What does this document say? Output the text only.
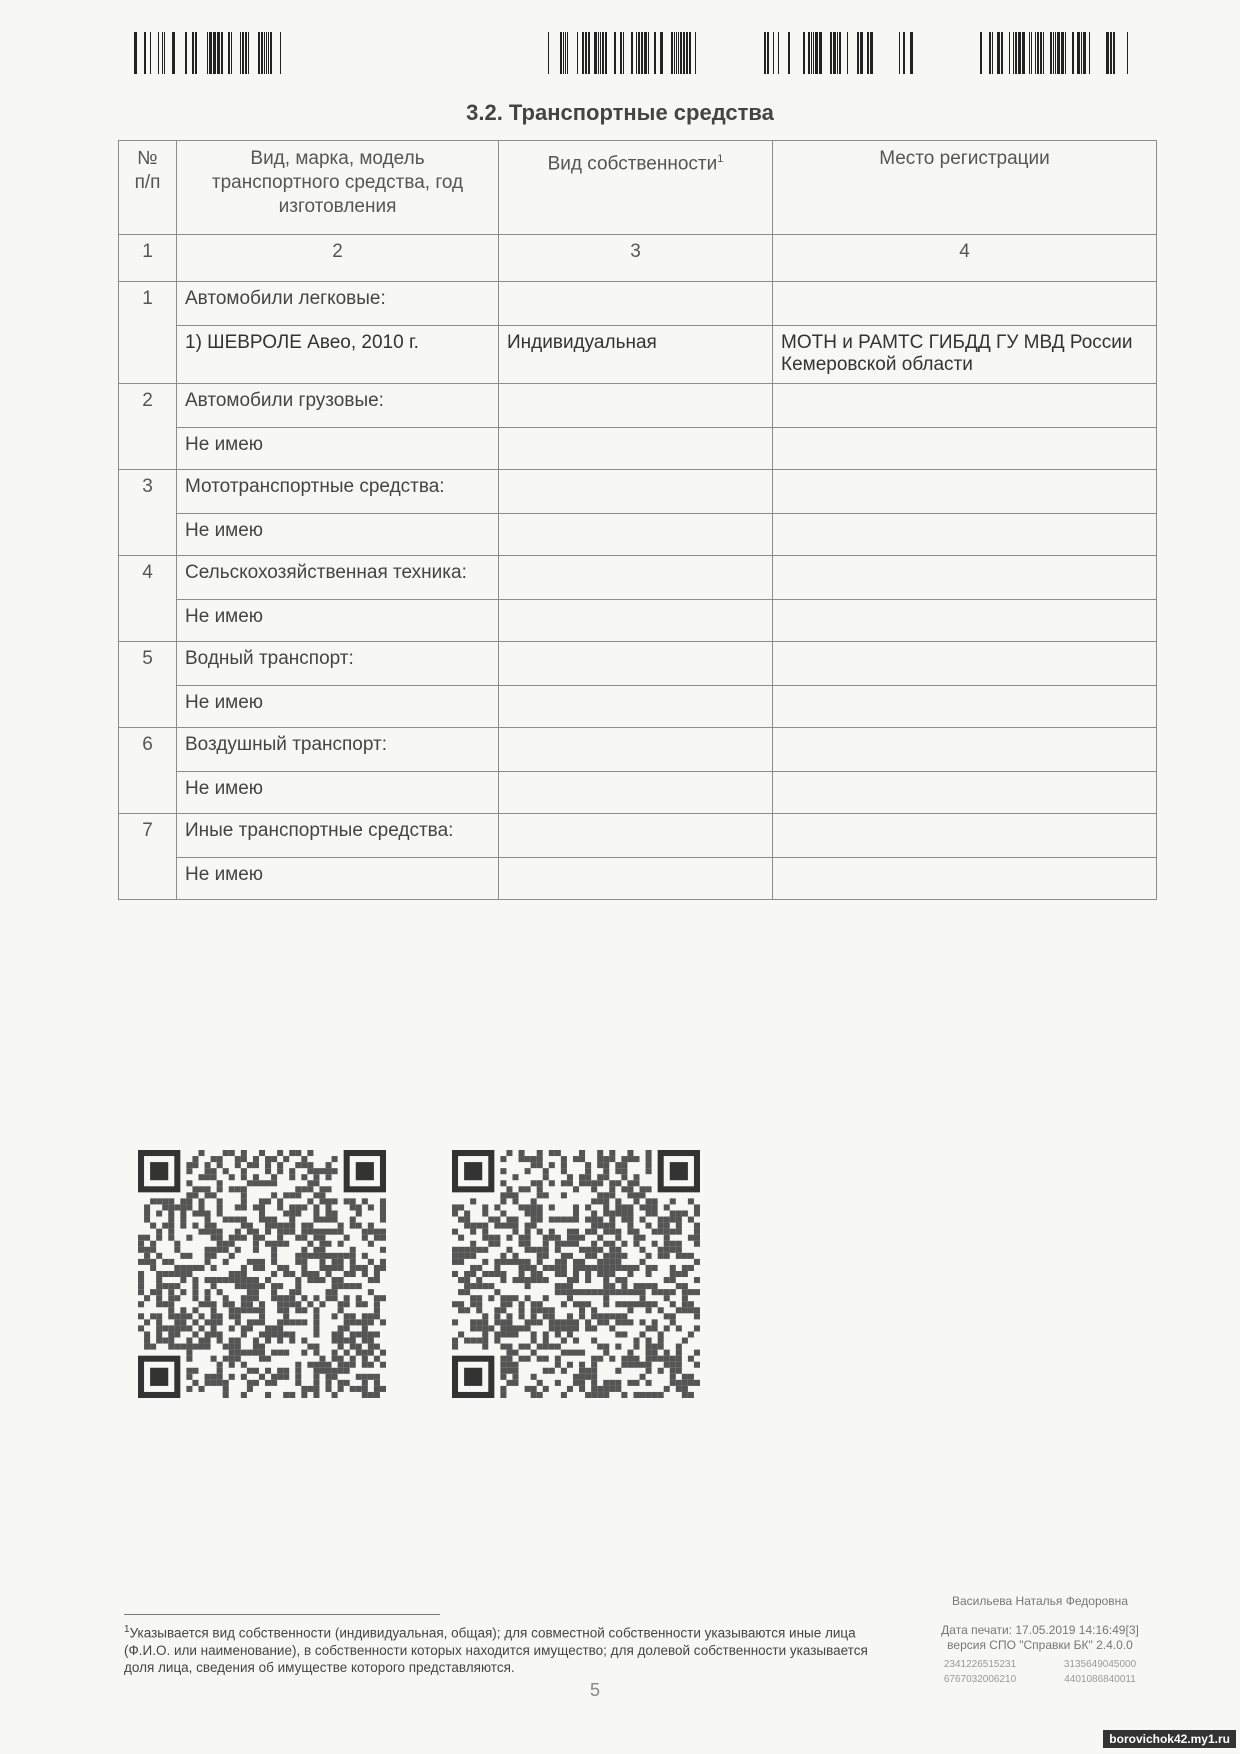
3.2. Транспортные средства
№ п/п	Вид, марка, модель транспортного средства, год изготовления	Вид собственности$^1$	Место регистрации
1	2	3	4
1	Автомобили легковые:		
	1) ШЕВРОЛЕ Авео, 2010 г.	Индивидуальная	МОТН и РАМТС ГИБДД ГУ МВД России Кемеровской области
2	Автомобили грузовые:		
	Не имею		
3	Мототранспортные средства:		
	Не имею		
4	Сельскохозяйственная техника:		
	Не имею		
5	Водный транспорт:		
	Не имею		
6	Воздушный транспорт:		
	Не имею		
7	Иные транспортные средства:		
	Не имею		
$^1$Указывается вид собственности (индивидуальная, общая); для совместной собственности указываются иные лица (Ф.И.О. или наименование), в собственности которых находится имущество; для долевой собственности указывается доля лица, сведения об имуществе которого представляются.
Васильева Наталья Федоровна
Дата печати: 17.05.2019 14:16:49[3]
версия СПО "Справки БК" 2.4.0.0
2341226515231	3135649045000
6767032006210	4401086840011
5
borovichok42.my1.ru
